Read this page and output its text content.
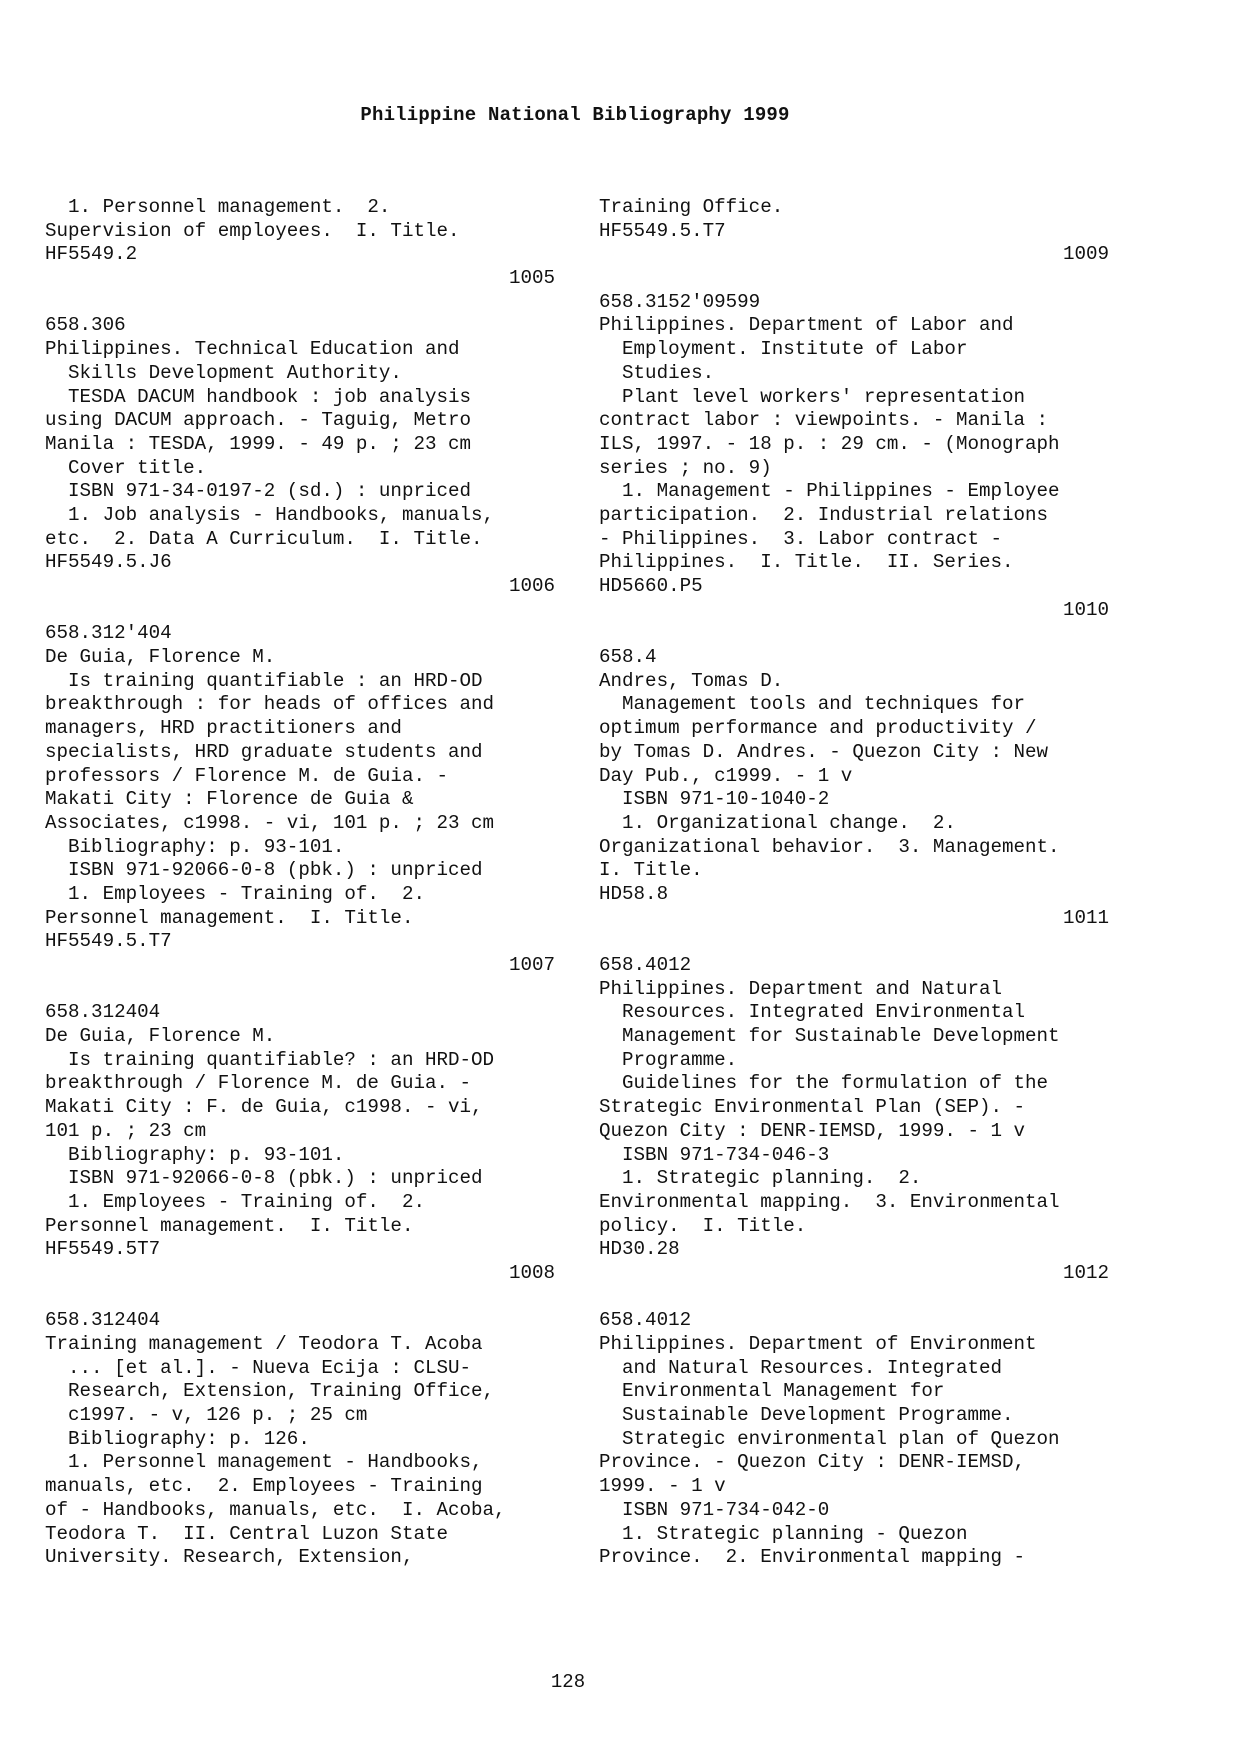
Philippine National Bibliography 1999
1. Personnel management.  2.
Supervision of employees.  I. Title.
HF5549.2
1005
658.306
Philippines. Technical Education and
Skills Development Authority.
TESDA DACUM handbook : job analysis
using DACUM approach. - Taguig, Metro
Manila : TESDA, 1999. - 49 p. ; 23 cm
Cover title.
ISBN 971-34-0197-2 (sd.) : unpriced
1. Job analysis - Handbooks, manuals,
etc.  2. Data A Curriculum.  I. Title.
HF5549.5.J6
1006
658.312'404
De Guia, Florence M.
Is training quantifiable : an HRD-OD
breakthrough : for heads of offices and
managers, HRD practitioners and
specialists, HRD graduate students and
professors / Florence M. de Guia. -
Makati City : Florence de Guia &
Associates, c1998. - vi, 101 p. ; 23 cm
Bibliography: p. 93-101.
ISBN 971-92066-0-8 (pbk.) : unpriced
1. Employees - Training of.  2.
Personnel management.  I. Title.
HF5549.5.T7
1007
658.312404
De Guia, Florence M.
Is training quantifiable? : an HRD-OD
breakthrough / Florence M. de Guia. -
Makati City : F. de Guia, c1998. - vi,
101 p. ; 23 cm
Bibliography: p. 93-101.
ISBN 971-92066-0-8 (pbk.) : unpriced
1. Employees - Training of.  2.
Personnel management.  I. Title.
HF5549.5T7
1008
658.312404
Training management / Teodora T. Acoba
... [et al.]. - Nueva Ecija : CLSU-
Research, Extension, Training Office,
c1997. - v, 126 p. ; 25 cm
Bibliography: p. 126.
1. Personnel management - Handbooks,
manuals, etc.  2. Employees - Training
of - Handbooks, manuals, etc.  I. Acoba,
Teodora T.  II. Central Luzon State
University. Research, Extension,
Training Office.
HF5549.5.T7
1009
658.3152'09599
Philippines. Department of Labor and
Employment. Institute of Labor
Studies.
Plant level workers' representation
contract labor : viewpoints. - Manila :
ILS, 1997. - 18 p. : 29 cm. - (Monograph
series ; no. 9)
1. Management - Philippines - Employee
participation.  2. Industrial relations
- Philippines.  3. Labor contract -
Philippines.  I. Title.  II. Series.
HD5660.P5
1010
658.4
Andres, Tomas D.
Management tools and techniques for
optimum performance and productivity /
by Tomas D. Andres. - Quezon City : New
Day Pub., c1999. - 1 v
ISBN 971-10-1040-2
1. Organizational change.  2.
Organizational behavior.  3. Management.
I. Title.
HD58.8
1011
658.4012
Philippines. Department and Natural
Resources. Integrated Environmental
Management for Sustainable Development
Programme.
Guidelines for the formulation of the
Strategic Environmental Plan (SEP). -
Quezon City : DENR-IEMSD, 1999. - 1 v
ISBN 971-734-046-3
1. Strategic planning.  2.
Environmental mapping.  3. Environmental
policy.  I. Title.
HD30.28
1012
658.4012
Philippines. Department of Environment
and Natural Resources. Integrated
Environmental Management for
Sustainable Development Programme.
Strategic environmental plan of Quezon
Province. - Quezon City : DENR-IEMSD,
1999. - 1 v
ISBN 971-734-042-0
1. Strategic planning - Quezon
Province.  2. Environmental mapping -
128
